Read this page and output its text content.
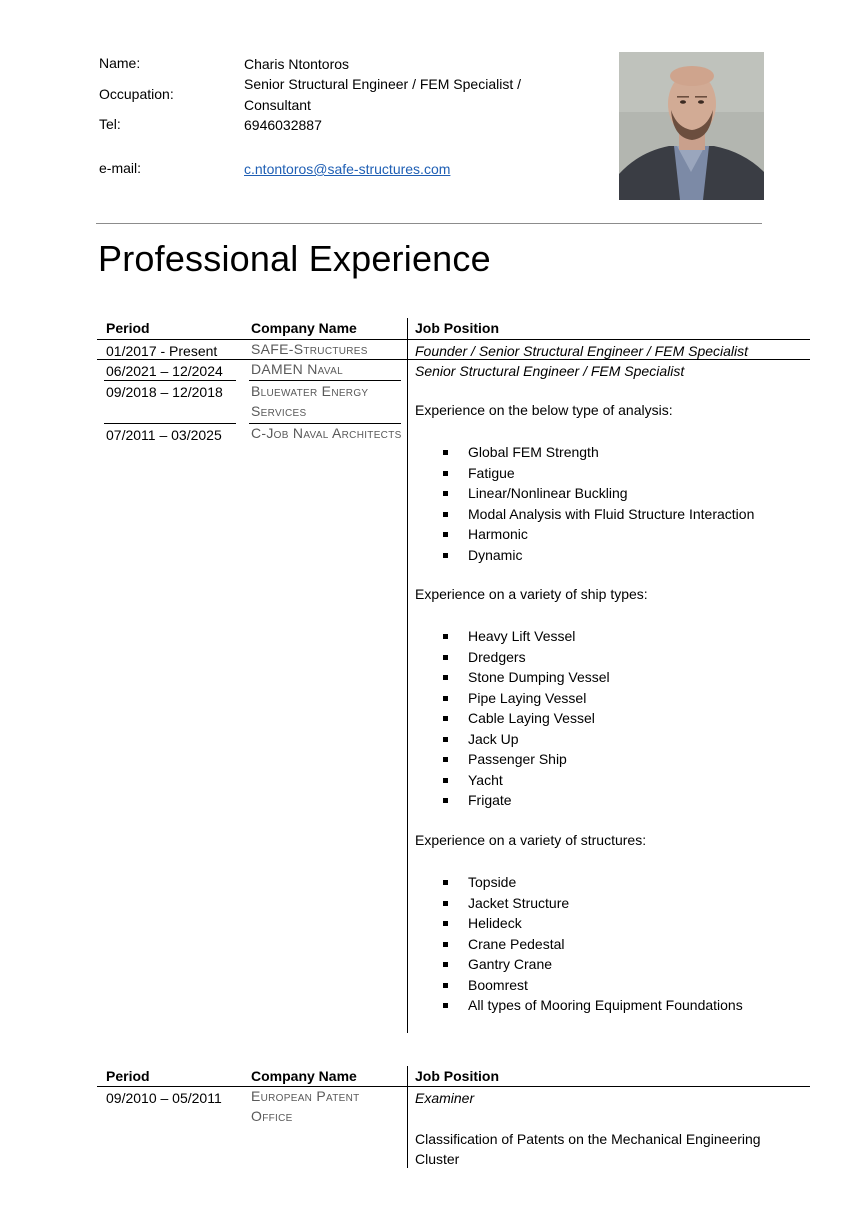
Name:	Charis Ntontoros
Occupation:
Senior Structural Engineer / FEM Specialist /
Consultant
Tel:	6946032887
e-mail:	c.ntontoros@safe-structures.com
Professional Experience
Period	Company Name	Job Position
01/2017 - Present SAFE-Structures	Founder / Senior Structural Engineer / FEM Specialist
06/2021 – 12/2024 DAMEN Naval	Senior Structural Engineer / FEM Specialist
09/2018 – 12/2018 Bluewater Energy
Services
07/2011 – 03/2025 C-Job Naval Architects
Experience on the below type of analysis:
Global FEM Strength
Fatigue
Linear/Nonlinear Buckling
Modal Analysis with Fluid Structure Interaction
Harmonic
Dynamic
Experience on a variety of ship types:
Heavy Lift Vessel
Dredgers
Stone Dumping Vessel
Pipe Laying Vessel
Cable Laying Vessel
Jack Up
Passenger Ship
Yacht
Frigate
Experience on a variety of structures:
Topside
Jacket Structure
Helideck
Crane Pedestal
Gantry Crane
Boomrest
All types of Mooring Equipment Foundations
Period	Company Name	Job Position
09/2010 – 05/2011 European Patent
Office
Examiner
Classification of Patents on the Mechanical Engineering
Cluster
